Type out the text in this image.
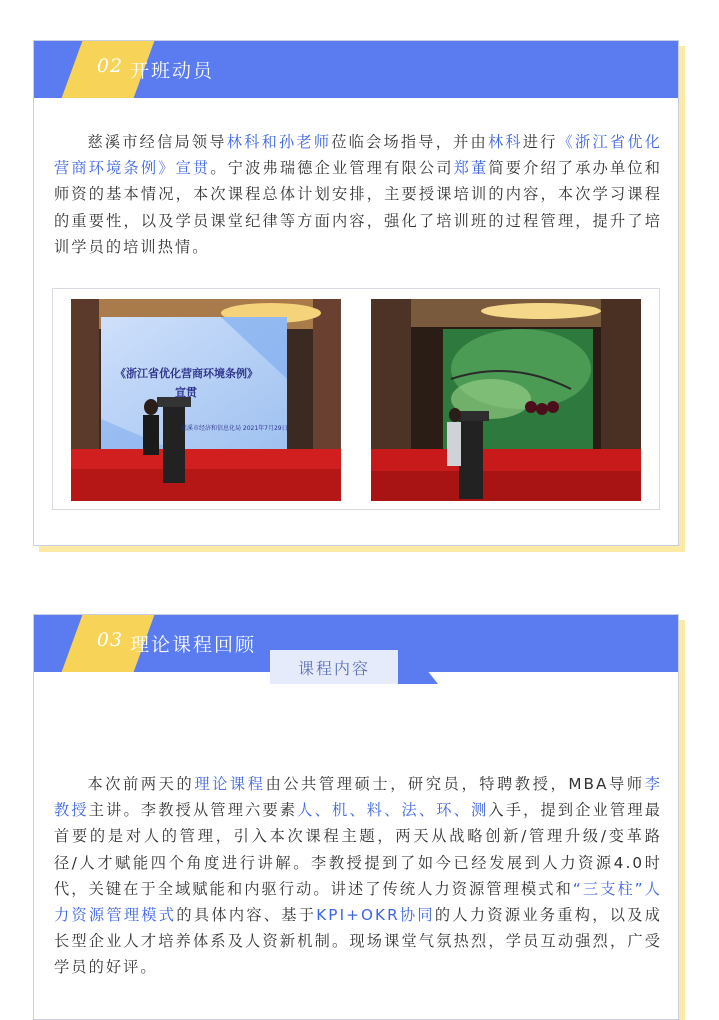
02 开班动员

慈溪市经信局领导林科和孙老师莅临会场指导，并由林科进行《浙江省优化营商环境条例》宣贯。宁波弗瑞德企业管理有限公司郑董简要介绍了承办单位和师资的基本情况，本次课程总体计划安排，主要授课培训的内容，本次学习课程的重要性，以及学员课堂纪律等方面内容，强化了培训班的过程管理，提升了培训学员的培训热情。

《浙江省优化营商环境条例》
宣贯
慈溪市经济和信息化局 2021年7月29日
03 理论课程回顾
课程内容

本次前两天的理论课程由公共管理硕士，研究员，特聘教授，MBA导师李教授主讲。李教授从管理六要素人、机、料、法、环、测入手，提到企业管理最首要的是对人的管理，引入本次课程主题，两天从战略创新/管理升级/变革路径/人才赋能四个角度进行讲解。李教授提到了如今已经发展到人力资源4.0时代，关键在于全域赋能和内驱行动。讲述了传统人力资源管理模式和“三支柱”人力资源管理模式的具体内容、基于KPI+OKR协同的人力资源业务重构，以及成长型企业人才培养体系及人资新机制。现场课堂气氛热烈，学员互动强烈，广受学员的好评。
